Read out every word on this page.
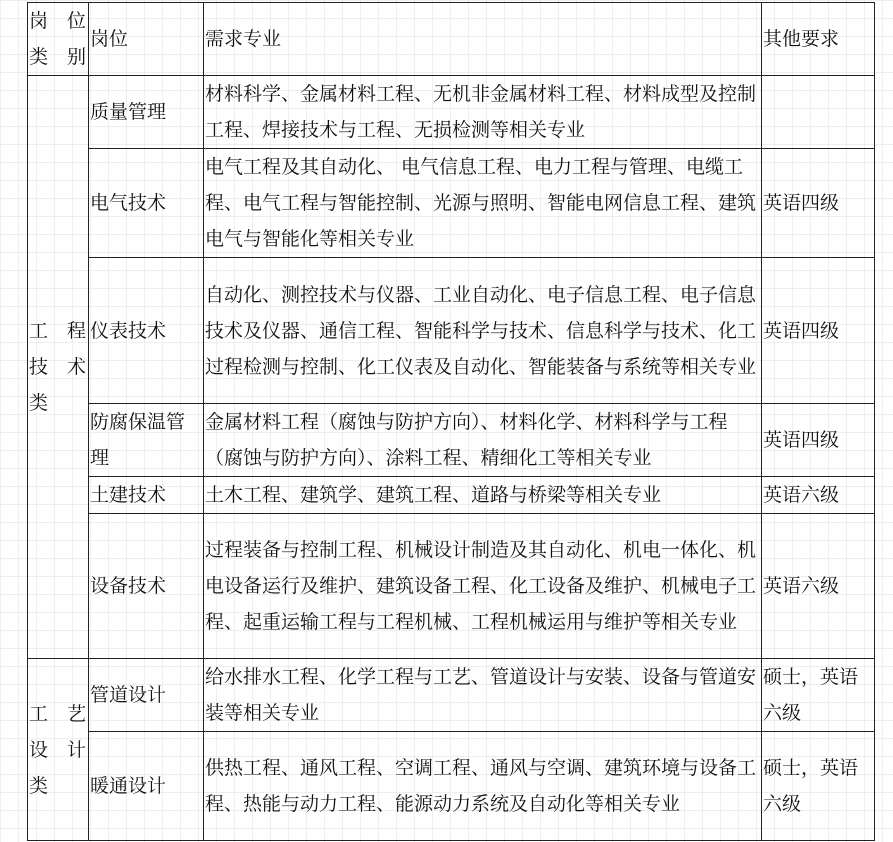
岗 位类别	岗位	需求专业	其他要求
工 程技 术类	质量管理	材料科学、金属材料工程、无机非金属材料工程、材料成型及控制工程、焊接技术与工程、无损检测等相关专业	
	电气技术	电气工程及其自动化、 电气信息工程、电力工程与管理、电缆工程、电气工程与智能控制、光源与照明、智能电网信息工程、建筑电气与智能化等相关专业	英语四级
	仪表技术	自动化、测控技术与仪器、工业自动化、电子信息工程、电子信息技术及仪器、通信工程、智能科学与技术、信息科学与技术、化工过程检测与控制、化工仪表及自动化、智能装备与系统等相关专业	英语四级
	防腐保温管理	金属材料工程（腐蚀与防护方向）、材料化学、材料科学与工程（腐蚀与防护方向）、涂料工程、精细化工等相关专业	英语四级
	土建技术	土木工程、建筑学、建筑工程、道路与桥梁等相关专业	英语六级
	设备技术	过程装备与控制工程、机械设计制造及其自动化、机电一体化、机电设备运行及维护、建筑设备工程、化工设备及维护、机械电子工程、起重运输工程与工程机械、工程机械运用与维护等相关专业	英语六级
工 艺设 计类	管道设计	给水排水工程、化学工程与工艺、管道设计与安装、设备与管道安装等相关专业	硕士，英语六级
	暖通设计	供热工程、通风工程、空调工程、通风与空调、建筑环境与设备工程、热能与动力工程、能源动力系统及自动化等相关专业	硕士，英语六级
